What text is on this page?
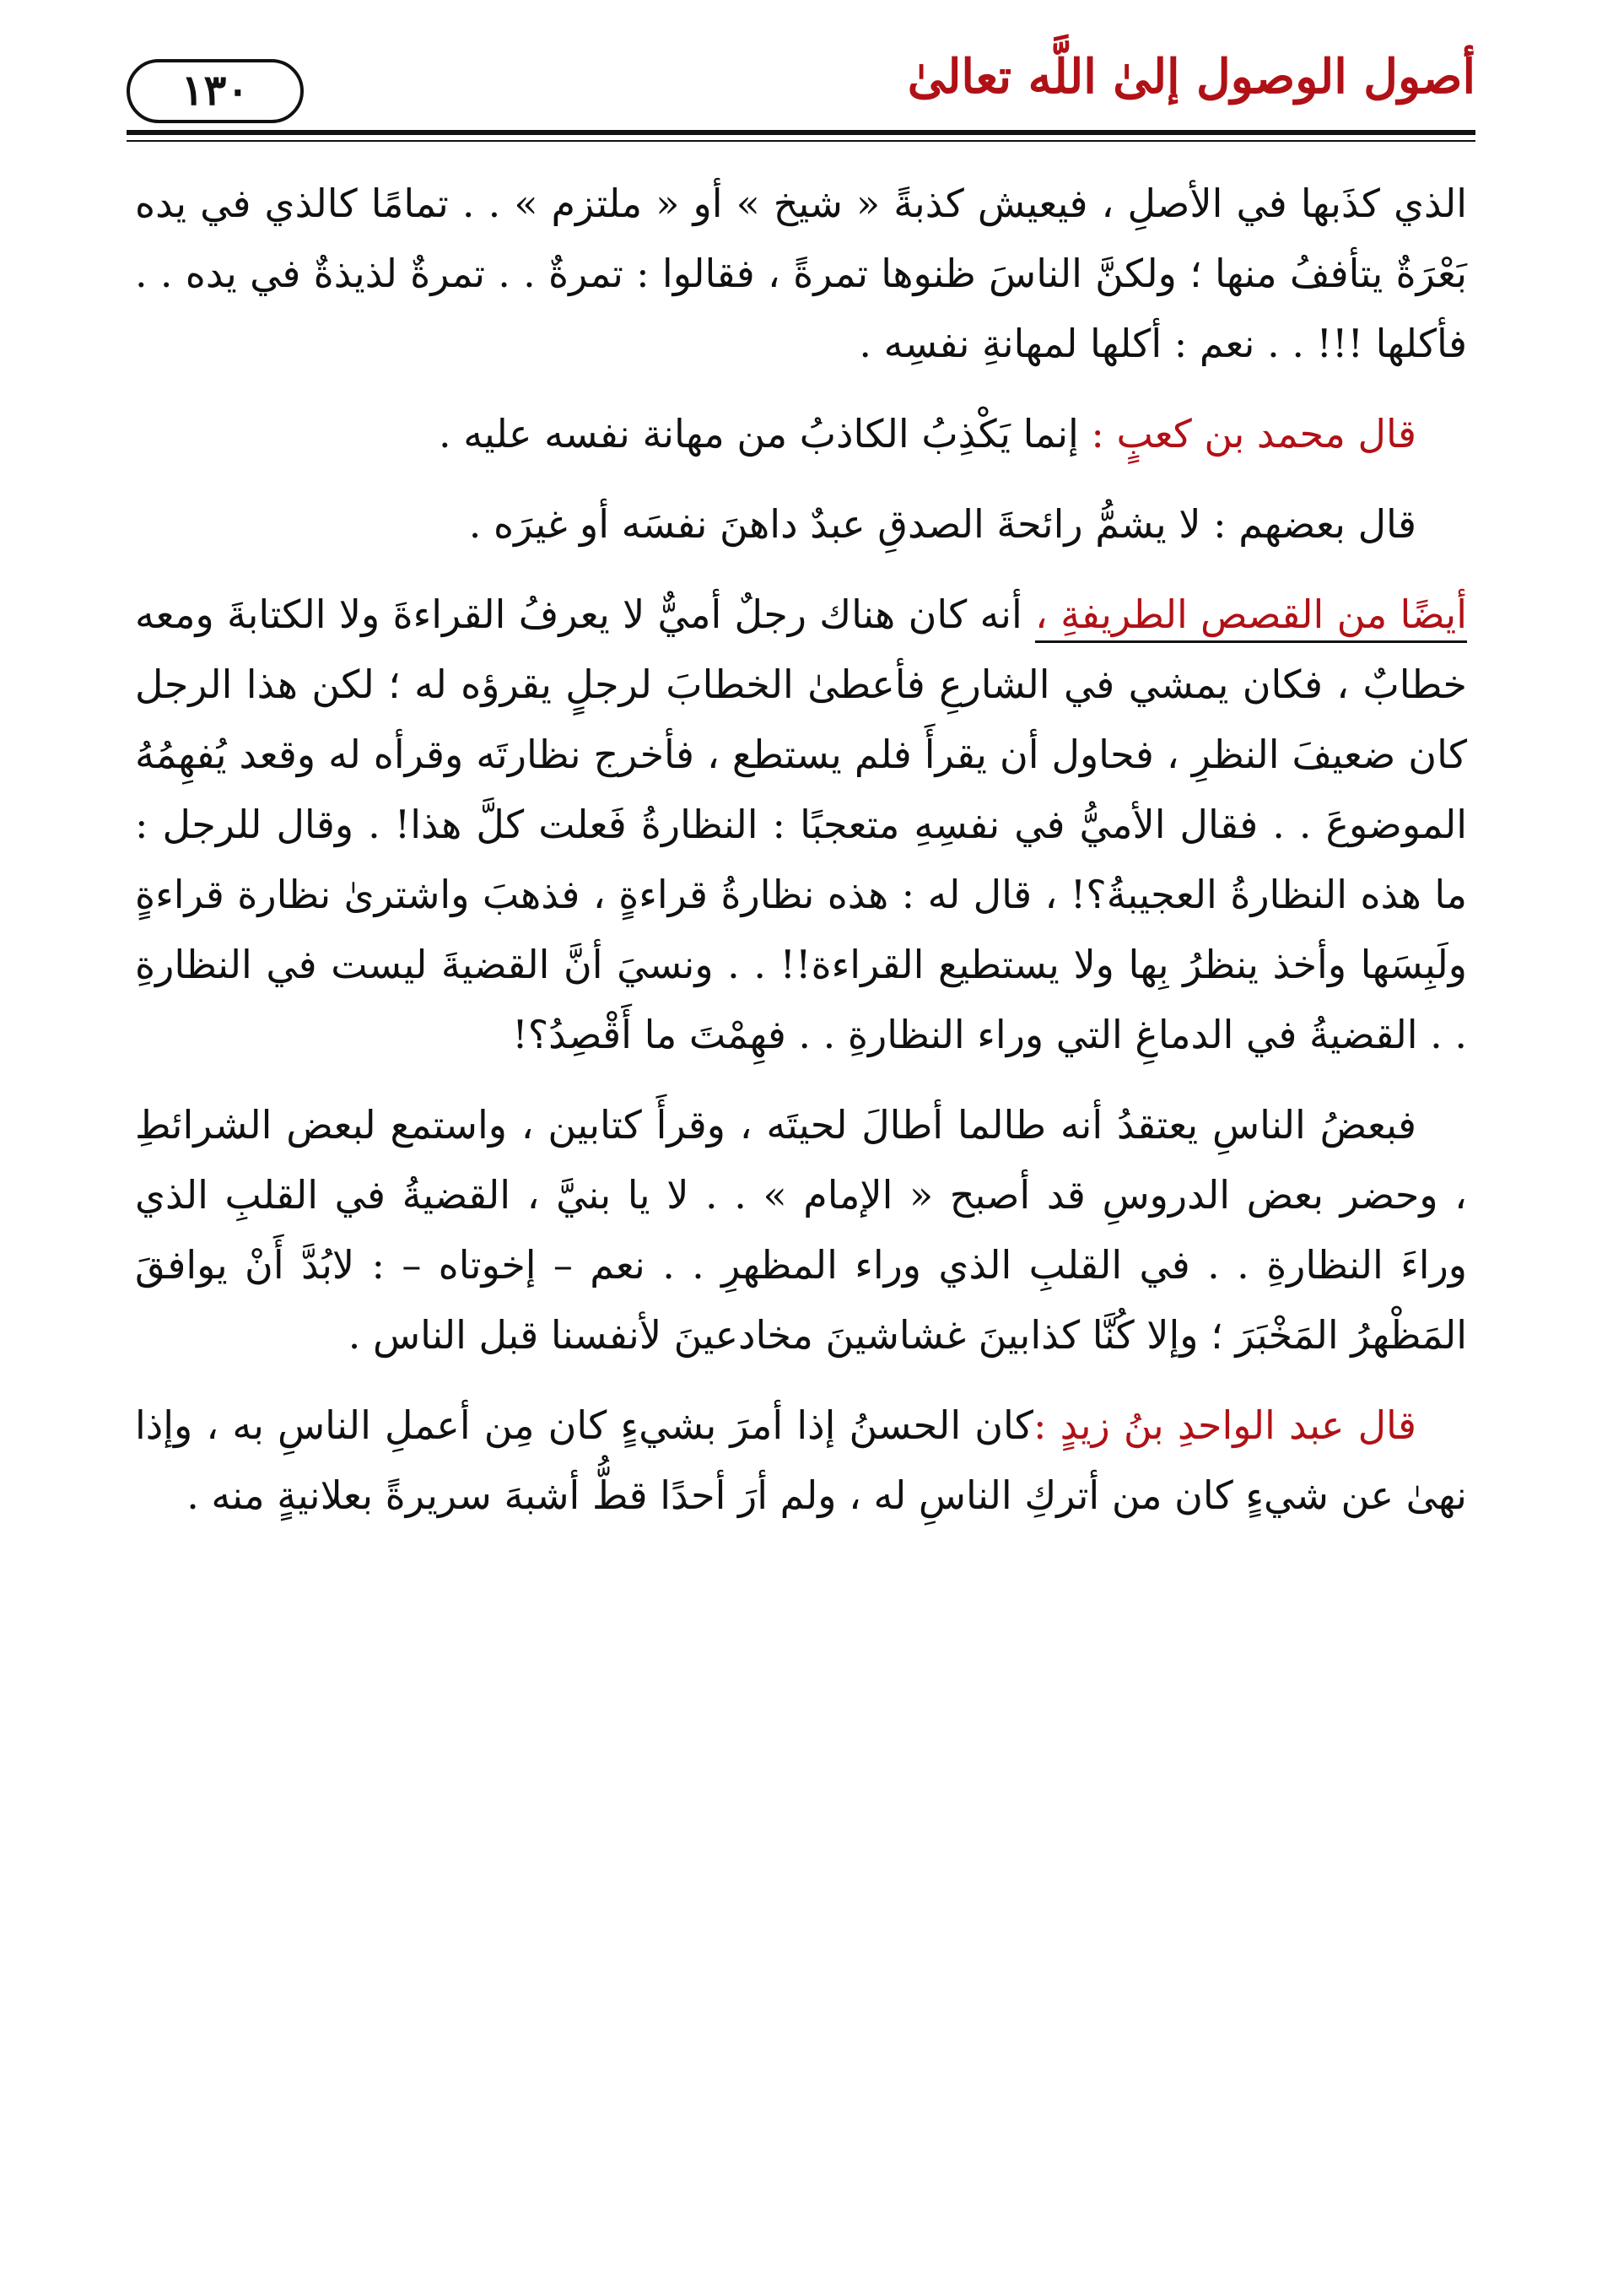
أصول الوصول إلىٰ اللَّه تعالىٰ
١٣٠

الذي كذَبها في الأصلِ ، فيعيش كذبةً « شيخ » أو « ملتزم » . . تمامًا كالذي في يده بَعْرَةٌ يتأففُ منها ؛ ولكنَّ الناسَ ظنوها تمرةً ، فقالوا : تمرةٌ . . تمرةٌ لذيذةٌ في يده . . فأكلها !!! . . نعم : أكلها لمهانةِ نفسِه .

قال محمد بن كعبٍ : إنما يَكْذِبُ الكاذبُ من مهانة نفسه عليه .

قال بعضهم : لا يشمُّ رائحةَ الصدقِ عبدٌ داهنَ نفسَه أو غيرَه .

أيضًا من القصص الطريفةِ ، أنه كان هناك رجلٌ أميٌّ لا يعرفُ القراءةَ ولا الكتابةَ ومعه خطابٌ ، فكان يمشي في الشارعِ فأعطىٰ الخطابَ لرجلٍ يقرؤه له ؛ لكن هذا الرجل كان ضعيفَ النظرِ ، فحاول أن يقرأَ فلم يستطع ، فأخرج نظارتَه وقرأه له وقعد يُفهِمُهُ الموضوعَ . . فقال الأميُّ في نفسِهِ متعجبًا : النظارةُ فَعلت كلَّ هذا! . وقال للرجل : ما هذه النظارةُ العجيبةُ؟! ، قال له : هذه نظارةُ قراءةٍ ، فذهبَ واشترىٰ نظارة قراءةٍ ولَبِسَها وأخذ ينظرُ بِها ولا يستطيع القراءة!! . . ونسيَ أنَّ القضيةَ ليست في النظارةِ . . القضيةُ في الدماغِ التي وراء النظارةِ . . فهِمْتَ ما أَقْصِدُ؟!

فبعضُ الناسِ يعتقدُ أنه طالما أطالَ لحيتَه ، وقرأَ كتابين ، واستمع لبعض الشرائطِ ، وحضر بعض الدروسِ قد أصبح « الإمام » . . لا يا بنيَّ ، القضيةُ في القلبِ الذي وراءَ النظارةِ . . في القلبِ الذي وراء المظهرِ . . نعم – إخوتاه – : لابُدَّ أَنْ يوافقَ المَظْهرُ المَخْبَرَ ؛ وإلا كُنَّا كذابينَ غشاشينَ مخادعينَ لأنفسنا قبل الناس .

قال عبد الواحدِ بنُ زيدٍ :كان الحسنُ إذا أمرَ بشيءٍ كان مِن أعملِ الناسِ به ، وإذا نهىٰ عن شيءٍ كان من أتركِ الناسِ له ، ولم أرَ أحدًا قطُّ أشبهَ سريرةً بعلانيةٍ منه .
